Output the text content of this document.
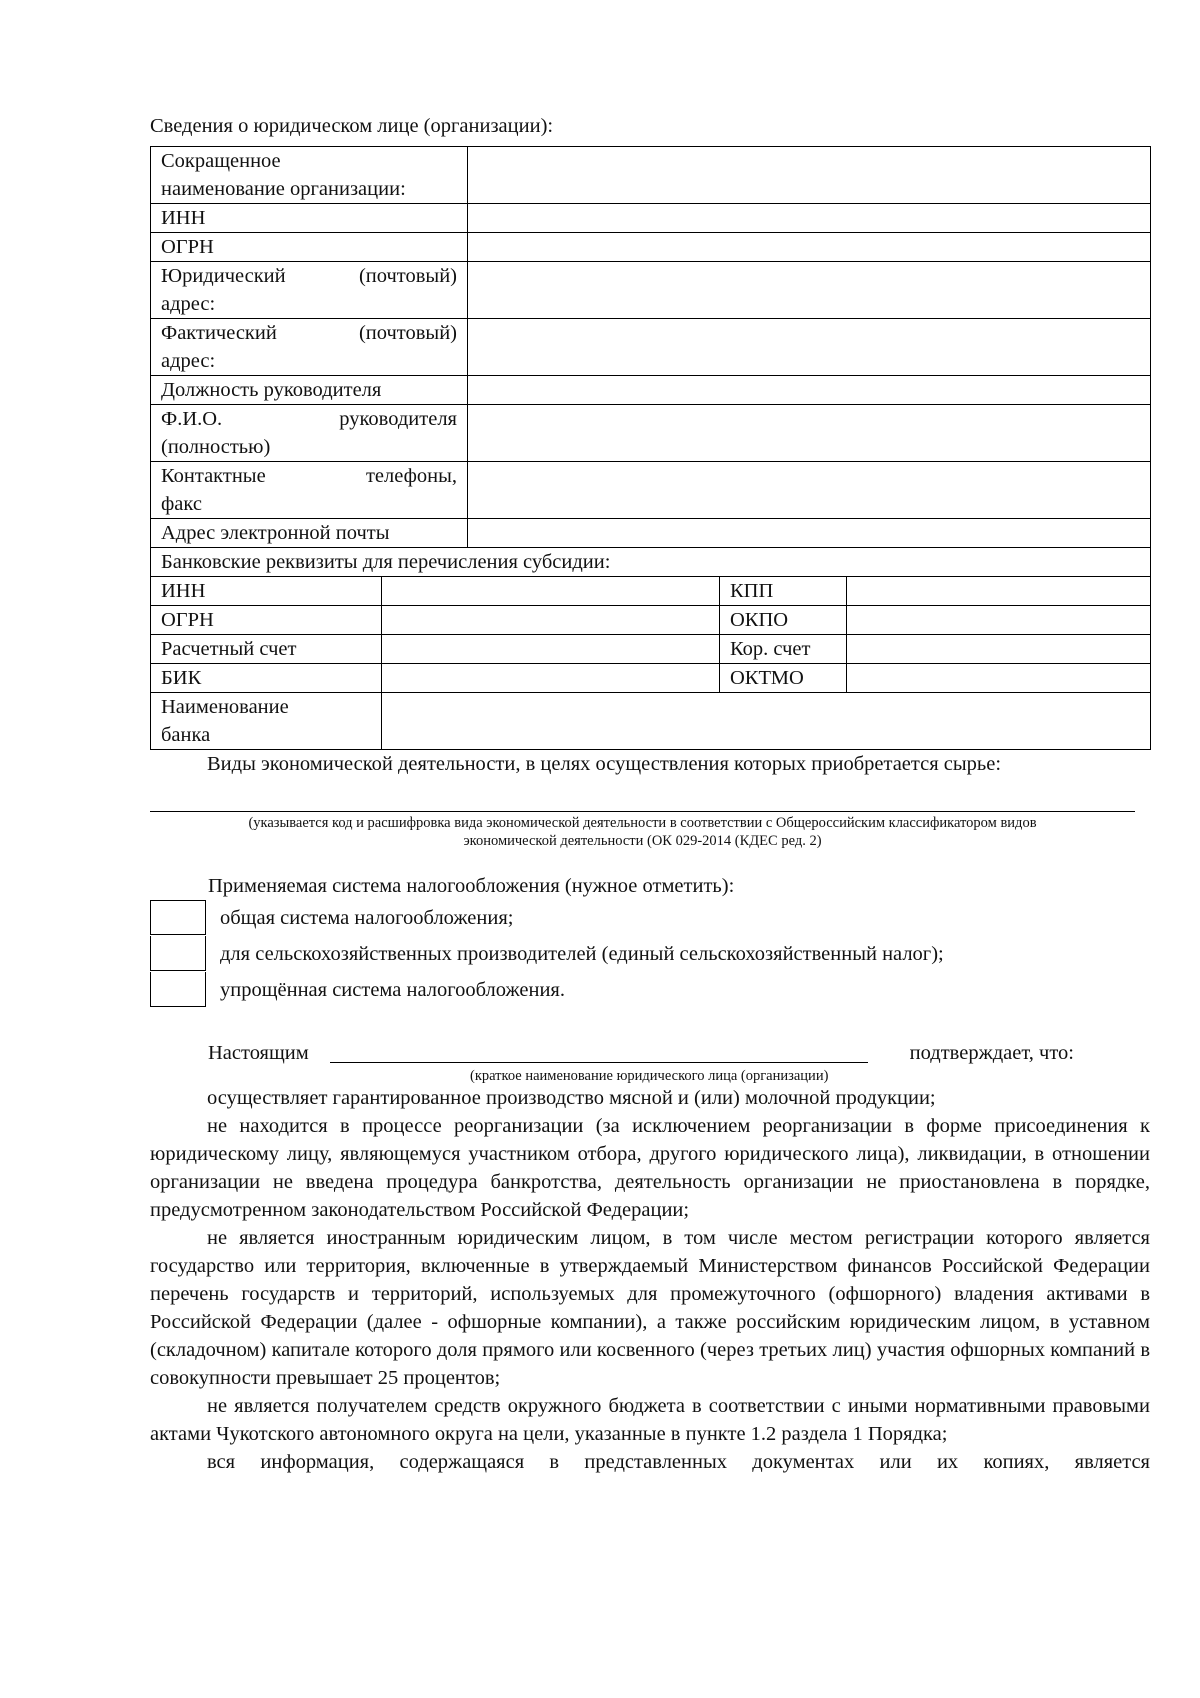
Сведения о юридическом лице (организации):

Сокращенное
наименование организации:	
ИНН	
ОГРН	

Юридический (почтовый)
адрес:	

Фактический (почтовый)
адрес:	

Должность руководителя	

Ф.И.О. руководителя
(полностью)	

Контактные телефоны,
факс	

Адрес электронной почты	
Банковские реквизиты для перечисления субсидии:	
ИНН		КПП	
ОГРН		ОКПО	
Расчетный счет		Кор. счет	
БИК		ОКТМО	
Наименование
банка			

Виды экономической деятельности, в целях осуществления которых приобретается сырье:

(указывается код и расшифровка вида экономической деятельности в соответствии с Общероссийским классификатором видов
экономической деятельности (ОК 029-2014 (КДЕС ред. 2)

Применяемая система налогообложения (нужное отметить):

общая система налогообложения;
для сельскохозяйственных производителей (единый сельскохозяйственный налог);
упрощённая система налогообложения.
Настоящим	подтверждает, что:

(краткое наименование юридического лица (организации)

осуществляет гарантированное производство мясной и (или) молочной продукции;

не находится в процессе реорганизации (за исключением реорганизации в форме присоединения к юридическому лицу, являющемуся участником отбора, другого юридического лица), ликвидации, в отношении организации не введена процедура банкротства, деятельность организации не приостановлена в порядке, предусмотренном законодательством Российской Федерации;

не является иностранным юридическим лицом, в том числе местом регистрации которого является государство или территория, включенные в утверждаемый Министерством финансов Российской Федерации перечень государств и территорий, используемых для промежуточного (офшорного) владения активами в Российской Федерации (далее - офшорные компании), а также российским юридическим лицом, в уставном (складочном) капитале которого доля прямого или косвенного (через третьих лиц) участия офшорных компаний в совокупности превышает 25 процентов;

не является получателем средств окружного бюджета в соответствии с иными нормативными правовыми актами Чукотского автономного округа на цели, указанные в пункте 1.2 раздела 1 Порядка;

вся информация, содержащаяся в представленных документах или их копиях, является
